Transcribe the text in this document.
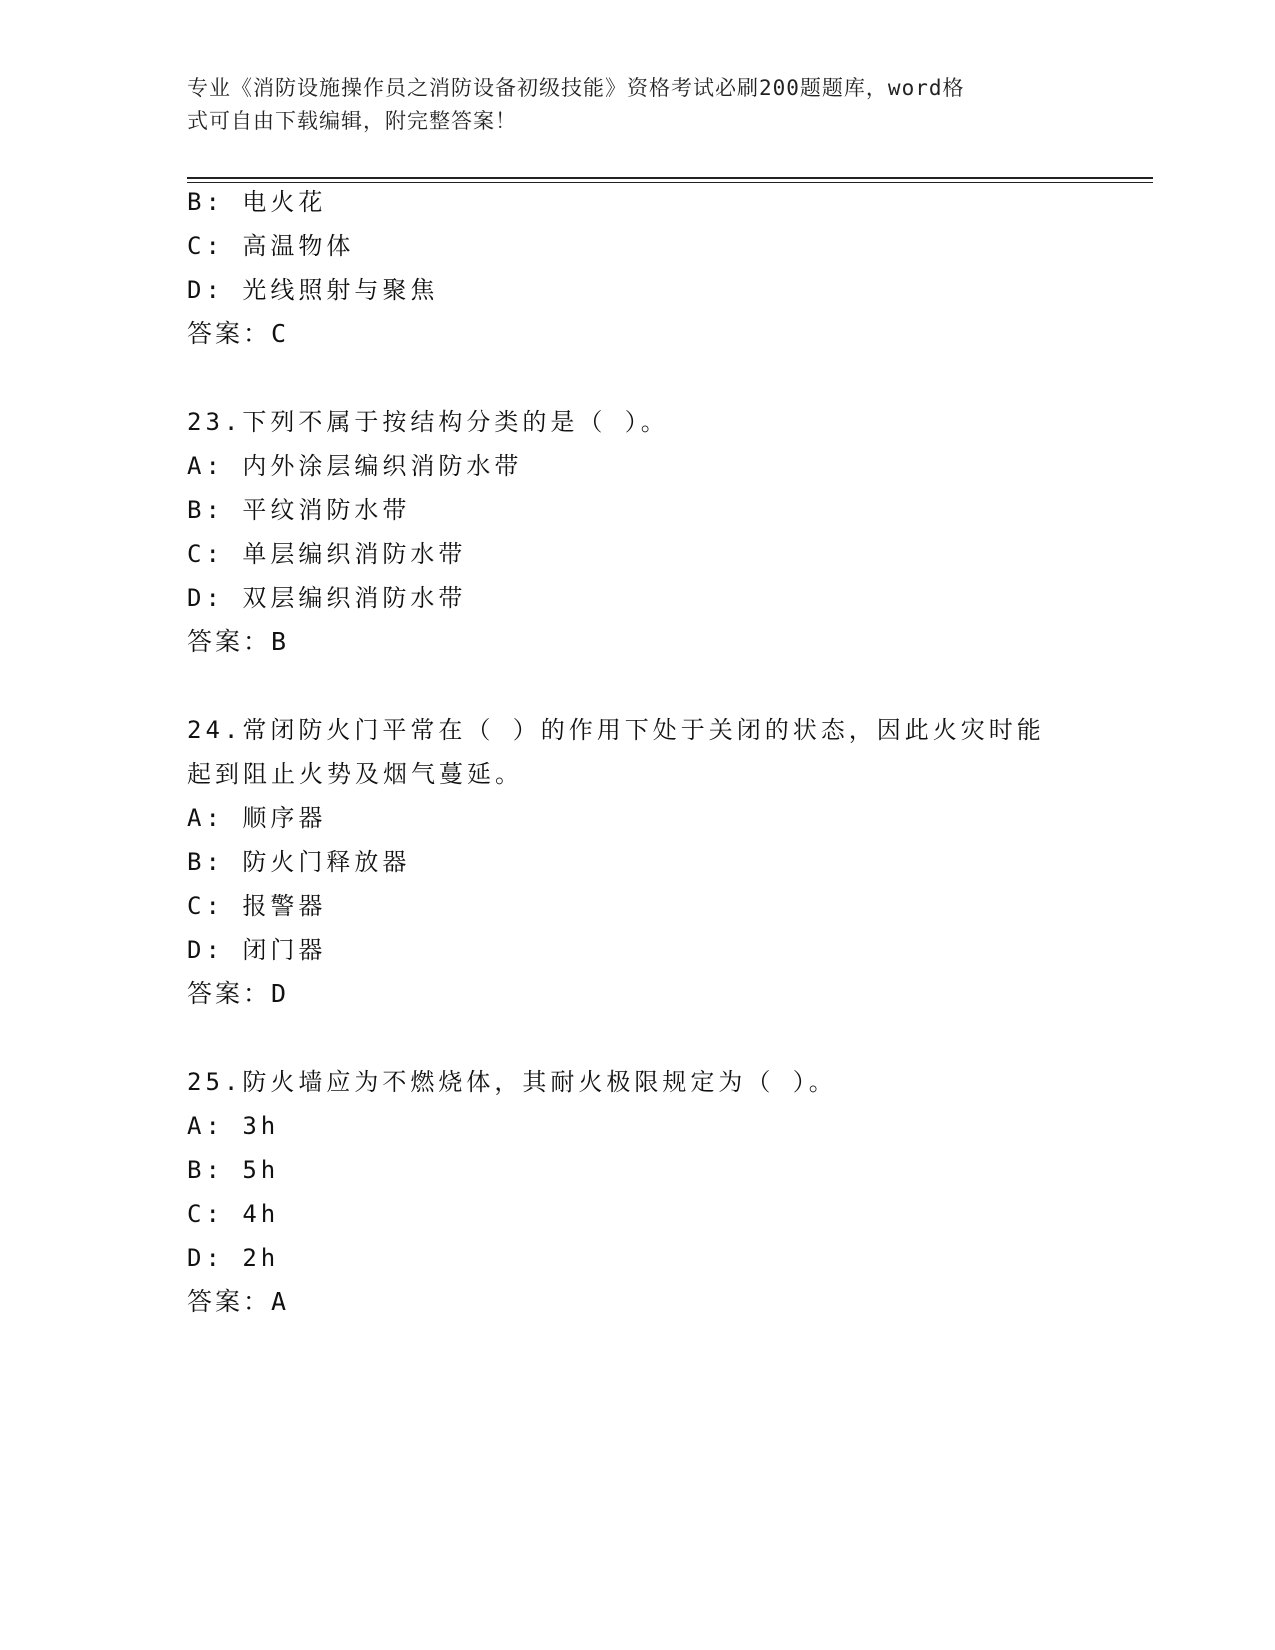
专业《消防设施操作员之消防设备初级技能》资格考试必刷200题题库，word格
式可自由下载编辑，附完整答案！
B: 电火花
C: 高温物体
D: 光线照射与聚焦
答案：C
23.下列不属于按结构分类的是（ ）。
A: 内外涂层编织消防水带
B: 平纹消防水带
C: 单层编织消防水带
D: 双层编织消防水带
答案：B
24.常闭防火门平常在（ ）的作用下处于关闭的状态，因此火灾时能
起到阻止火势及烟气蔓延。
A: 顺序器
B: 防火门释放器
C: 报警器
D: 闭门器
答案：D
25.防火墙应为不燃烧体，其耐火极限规定为（ ）。
A: 3h
B: 5h
C: 4h
D: 2h
答案：A
